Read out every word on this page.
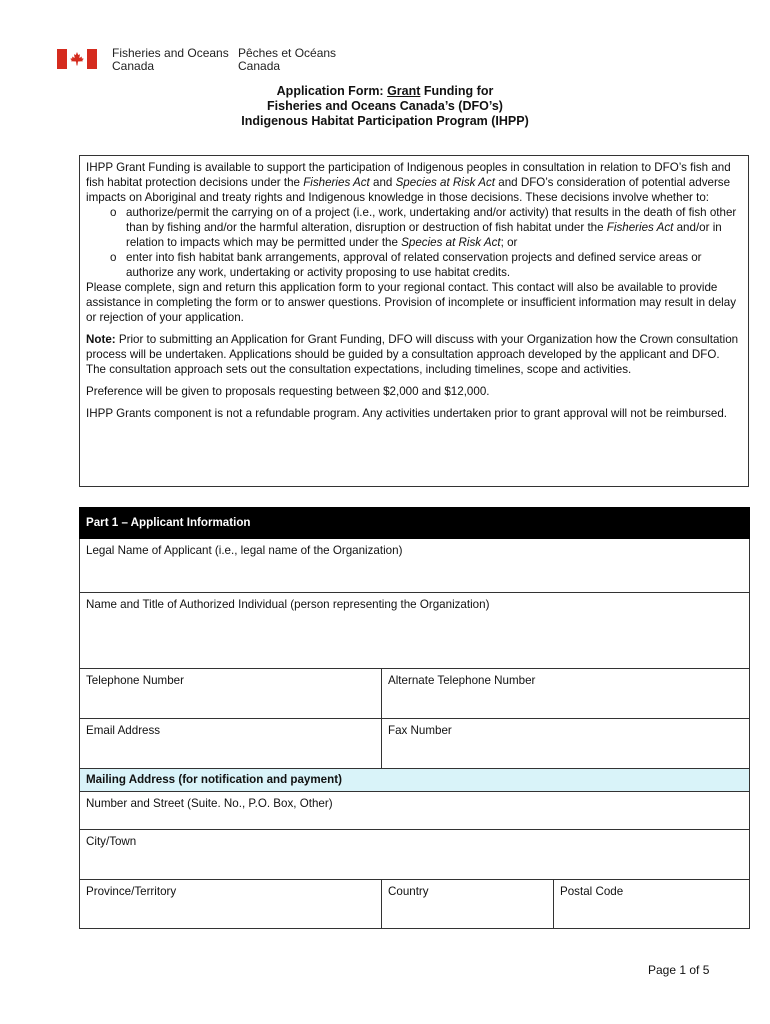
Fisheries and Oceans
Canada
Pêches et Océans
Canada
Application Form: Grant Funding for
Fisheries and Oceans Canada’s (DFO’s)
Indigenous Habitat Participation Program (IHPP)

IHPP Grant Funding is available to support the participation of Indigenous peoples in consultation in relation to DFO’s fish and fish habitat protection decisions under the Fisheries Act and Species at Risk Act and DFO’s consideration of potential adverse impacts on Aboriginal and treaty rights and Indigenous knowledge in those decisions. These decisions involve whether to:

o authorize/permit the carrying on of a project (i.e., work, undertaking and/or activity) that results in the death of fish other than by fishing and/or the harmful alteration, disruption or destruction of fish habitat under the Fisheries Act and/or in relation to impacts which may be permitted under the Species at Risk Act; or
o enter into fish habitat bank arrangements, approval of related conservation projects and defined service areas or authorize any work, undertaking or activity proposing to use habitat credits.

Please complete, sign and return this application form to your regional contact. This contact will also be available to provide assistance in completing the form or to answer questions. Provision of incomplete or insufficient information may result in delay or rejection of your application.

Note: Prior to submitting an Application for Grant Funding, DFO will discuss with your Organization how the Crown consultation process will be undertaken. Applications should be guided by a consultation approach developed by the applicant and DFO. The consultation approach sets out the consultation expectations, including timelines, scope and activities.

Preference will be given to proposals requesting between $2,000 and $12,000.

IHPP Grants component is not a refundable program. Any activities undertaken prior to grant approval will not be reimbursed.

Part 1 – Applicant Information		
Legal Name of Applicant (i.e., legal name of the Organization)		
Name and Title of Authorized Individual (person representing the Organization)		
Telephone Number	Alternate Telephone Number	
Email Address	Fax Number	
Mailing Address (for notification and payment)		
Number and Street (Suite. No., P.O. Box, Other)		
City/Town		
Province/Territory	Country	Postal Code
Page 1 of 5
